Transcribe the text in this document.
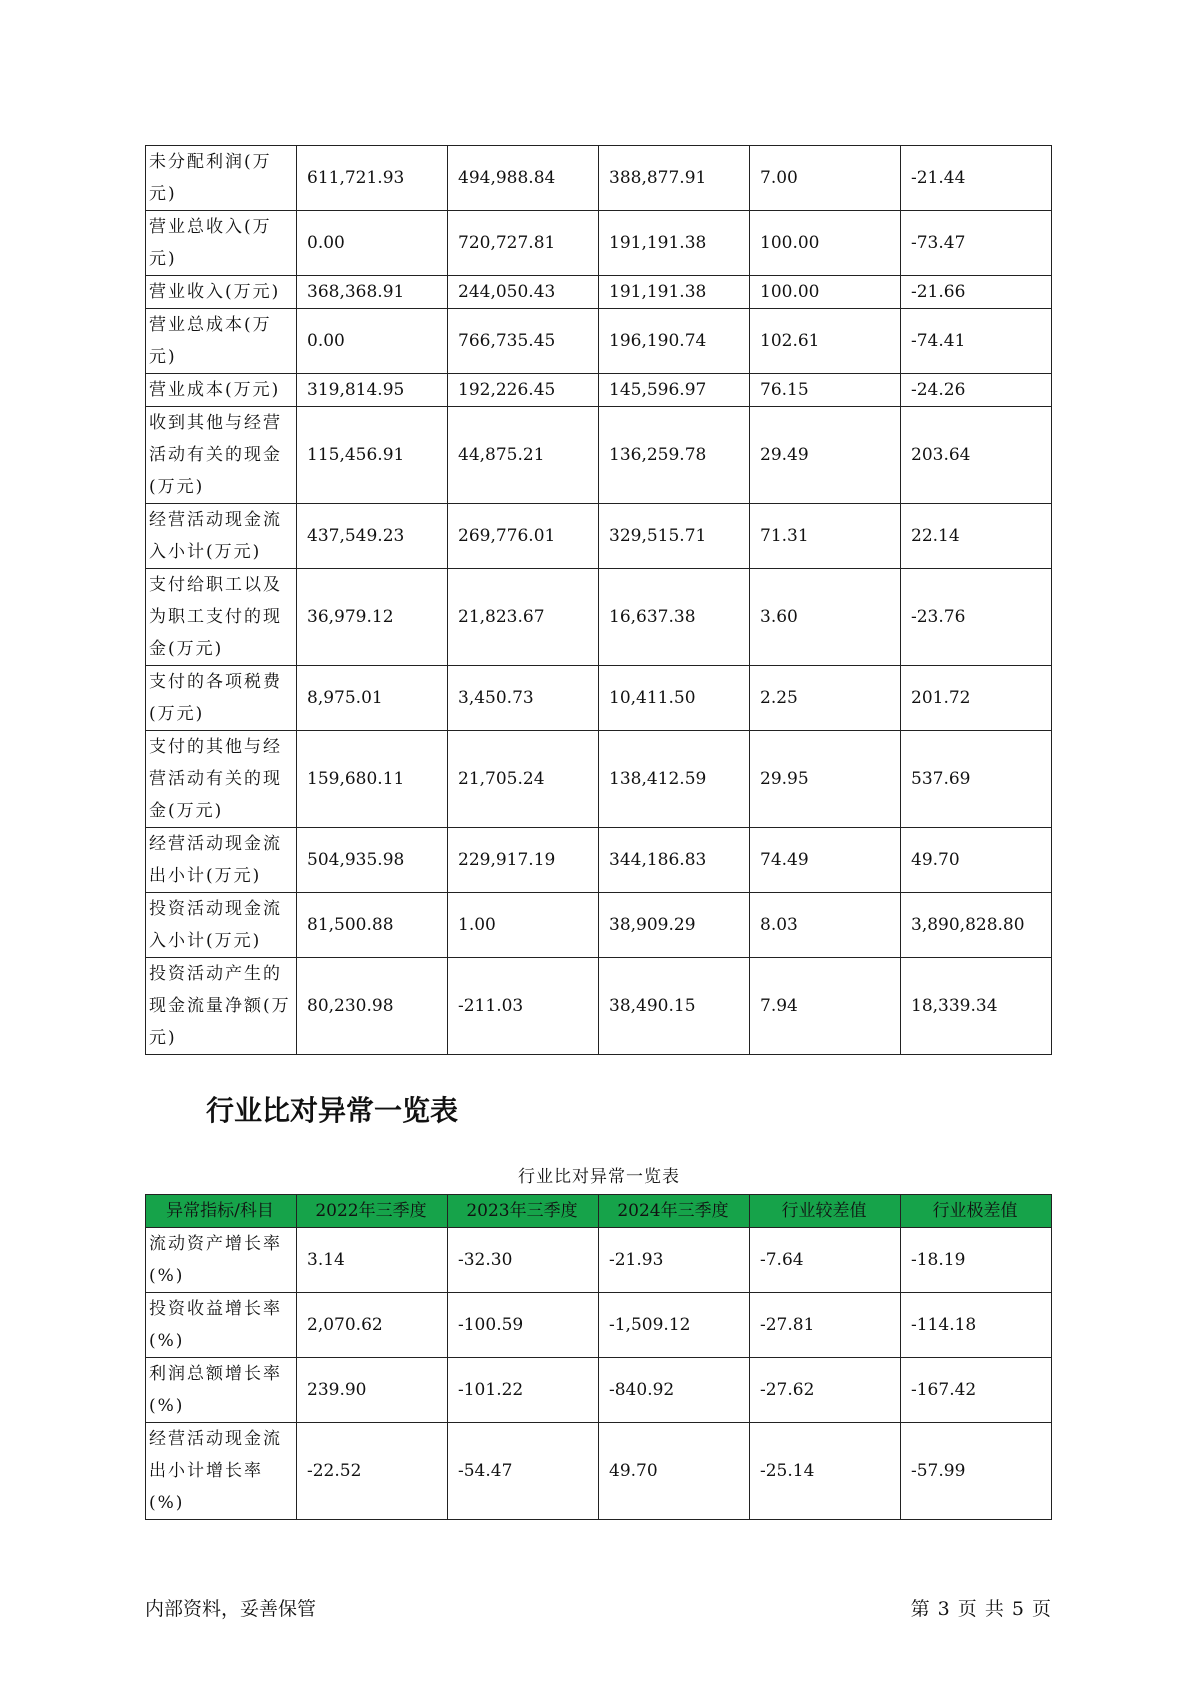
未分配利润(万元)	611,721.93	494,988.84	388,877.91	7.00	-21.44
营业总收入(万元)	0.00	720,727.81	191,191.38	100.00	-73.47
营业收入(万元)	368,368.91	244,050.43	191,191.38	100.00	-21.66
营业总成本(万元)	0.00	766,735.45	196,190.74	102.61	-74.41
营业成本(万元)	319,814.95	192,226.45	145,596.97	76.15	-24.26
收到其他与经营活动有关的现金(万元)	115,456.91	44,875.21	136,259.78	29.49	203.64
经营活动现金流入小计(万元)	437,549.23	269,776.01	329,515.71	71.31	22.14
支付给职工以及为职工支付的现金(万元)	36,979.12	21,823.67	16,637.38	3.60	-23.76
支付的各项税费(万元)	8,975.01	3,450.73	10,411.50	2.25	201.72
支付的其他与经营活动有关的现金(万元)	159,680.11	21,705.24	138,412.59	29.95	537.69
经营活动现金流出小计(万元)	504,935.98	229,917.19	344,186.83	74.49	49.70
投资活动现金流入小计(万元)	81,500.88	1.00	38,909.29	8.03	3,890,828.80
投资活动产生的现金流量净额(万元)	80,230.98	-211.03	38,490.15	7.94	18,339.34
行业比对异常一览表
行业比对异常一览表
异常指标/科目	2022年三季度	2023年三季度	2024年三季度	行业较差值	行业极差值
流动资产增长率(%)	3.14	-32.30	-21.93	-7.64	-18.19
投资收益增长率(%)	2,070.62	-100.59	-1,509.12	-27.81	-114.18
利润总额增长率(%)	239.90	-101.22	-840.92	-27.62	-167.42
经营活动现金流出小计增长率(%)	-22.52	-54.47	49.70	-25.14	-57.99
内部资料，妥善保管	第 3 页 共 5 页
